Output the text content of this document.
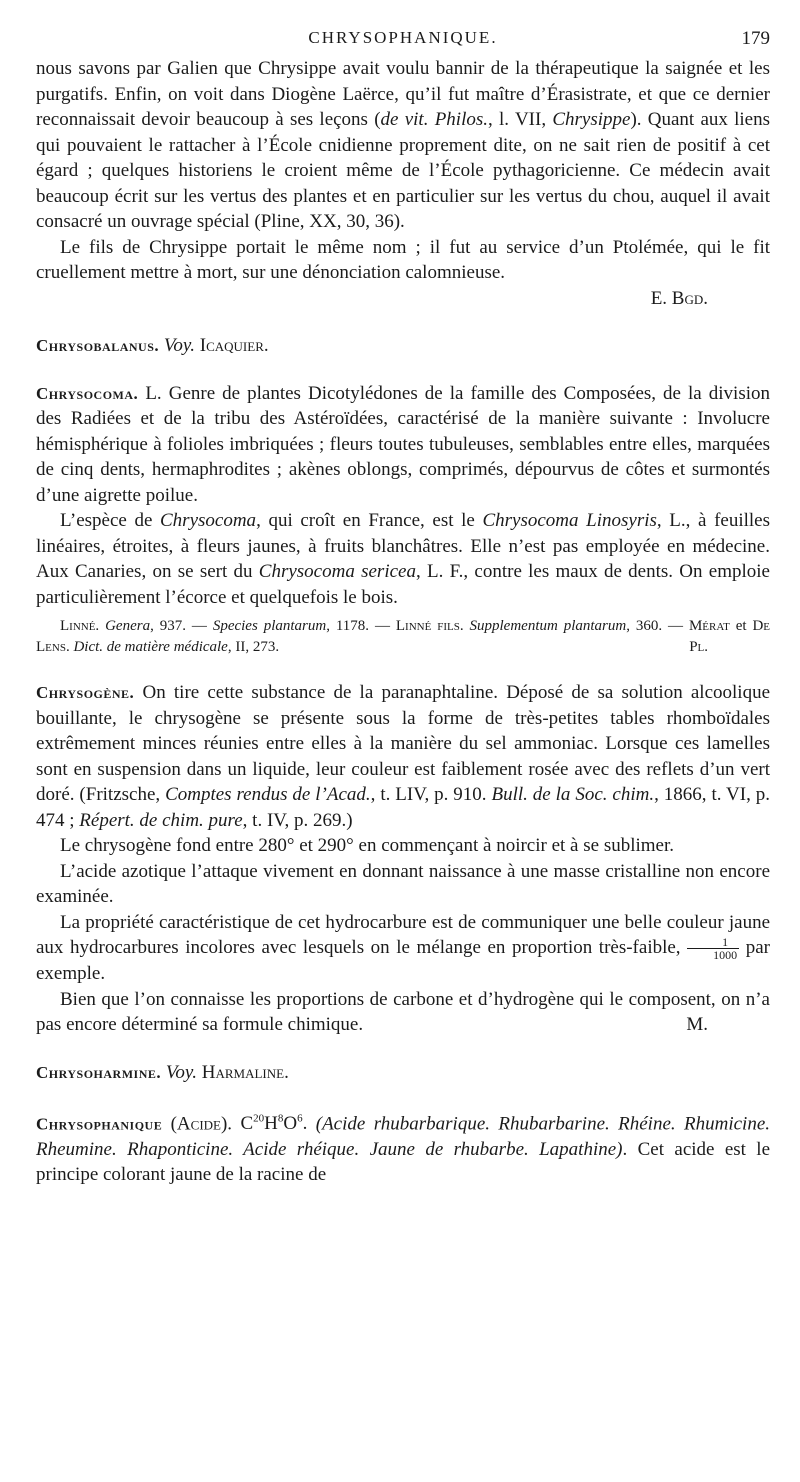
CHRYSOPHANIQUE.	179

nous savons par Galien que Chrysippe avait voulu bannir de la thérapeutique la saignée et les purgatifs. Enfin, on voit dans Diogène Laërce, qu’il fut maître d’Érasistrate, et que ce dernier reconnaissait devoir beaucoup à ses leçons (de vit. Philos., l. VII, Chrysippe). Quant aux liens qui pouvaient le rattacher à l’École cnidienne proprement dite, on ne sait rien de positif à cet égard ; quelques historiens le croient même de l’École pythagoricienne. Ce médecin avait beaucoup écrit sur les vertus des plantes et en particulier sur les vertus du chou, auquel il avait consacré un ouvrage spécial (Pline, XX, 30, 36).

Le fils de Chrysippe portait le même nom ; il fut au service d’un Ptolémée, qui le fit cruellement mettre à mort, sur une dénonciation calomnieuse.

E. Bgd.

Chrysobalanus. Voy. Icaquier.

Chrysocoma. L. Genre de plantes Dicotylédones de la famille des Composées, de la division des Radiées et de la tribu des Astéroïdées, caractérisé de la manière suivante : Involucre hémisphérique à folioles imbriquées ; fleurs toutes tubuleuses, semblables entre elles, marquées de cinq dents, hermaphrodites ; akènes oblongs, comprimés, dépourvus de côtes et surmontés d’une aigrette poilue.

L’espèce de Chrysocoma, qui croît en France, est le Chrysocoma Linosyris, L., à feuilles linéaires, étroites, à fleurs jaunes, à fruits blanchâtres. Elle n’est pas employée en médecine. Aux Canaries, on se sert du Chrysocoma sericea, L. F., contre les maux de dents. On emploie particulièrement l’écorce et quelquefois le bois.

Linné. Genera, 937. — Species plantarum, 1178. — Linné fils. Supplementum plantarum, 360. — Mérat et De Lens. Dict. de matière médicale, II, 273.	Pl.

Chrysogène. On tire cette substance de la paranaphtaline. Déposé de sa solution alcoolique bouillante, le chrysogène se présente sous la forme de très-petites tables rhomboïdales extrêmement minces réunies entre elles à la manière du sel ammoniac. Lorsque ces lamelles sont en suspension dans un liquide, leur couleur est faiblement rosée avec des reflets d’un vert doré. (Fritzsche, Comptes rendus de l’Acad., t. LIV, p. 910. Bull. de la Soc. chim., 1866, t. VI, p. 474 ; Répert. de chim. pure, t. IV, p. 269.)

Le chrysogène fond entre 280° et 290° en commençant à noircir et à se sublimer.

L’acide azotique l’attaque vivement en donnant naissance à une masse cristalline non encore examinée.

La propriété caractéristique de cet hydrocarbure est de communiquer une belle couleur jaune aux hydrocarbures incolores avec lesquels on le mélange en proportion très-faible, $\frac{1}{1000}$ par exemple.

Bien que l’on connaisse les proportions de carbone et d’hydrogène qui le composent, on n’a pas encore déterminé sa formule chimique.	M.

Chrysoharmine. Voy. Harmaline.

Chrysophanique (Acide). $C^{20}H^8O^6$. (Acide rhubarbarique. Rhubarbarine. Rhéine. Rhumicine. Rheumine. Rhaponticine. Acide rhéique. Jaune de rhubarbe. Lapathine). Cet acide est le principe colorant jaune de la racine de
